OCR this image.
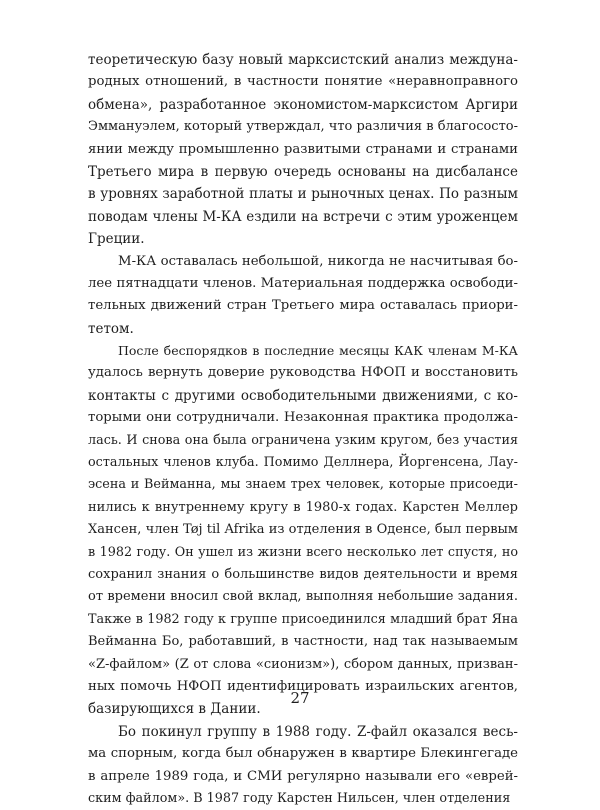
теоретическую базу новый марксистский анализ междуна-
родных отношений, в частности понятие «неравноправного
обмена», разработанное экономистом-марксистом Аргири
Эммануэлем, который утверждал, что различия в благососто-
янии между промышленно развитыми странами и странами
Третьего мира в первую очередь основаны на дисбалансе
в уровнях заработной платы и рыночных ценах. По разным
поводам члены М-КА ездили на встречи с этим уроженцем
Греции.
М-КА оставалась небольшой, никогда не насчитывая бо-
лее пятнадцати членов. Материальная поддержка освободи-
тельных движений стран Третьего мира оставалась приори-
тетом.
После беспорядков в последние месяцы КАК членам М-КА
удалось вернуть доверие руководства НФОП и восстановить
контакты с другими освободительными движениями, с ко-
торыми они сотрудничали. Незаконная практика продолжа-
лась. И снова она была ограничена узким кругом, без участия
остальных членов клуба. Помимо Деллнера, Йоргенсена, Лау-
эсена и Вейманна, мы знаем трех человек, которые присоеди-
нились к внутреннему кругу в 1980-х годах. Карстен Меллер
Хансен, член Tøj til Afrika из отделения в Оденсе, был первым
в 1982 году. Он ушел из жизни всего несколько лет спустя, но
сохранил знания о большинстве видов деятельности и время
от времени вносил свой вклад, выполняя небольшие задания.
Также в 1982 году к группе присоединился младший брат Яна
Вейманна Бо, работавший, в частности, над так называемым
«Z-файлом» (Z от слова «сионизм»), сбором данных, призван-
ных помочь НФОП идентифицировать израильских агентов,
базирующихся в Дании.
Бо покинул группу в 1988 году. Z-файл оказался весь-
ма спорным, когда был обнаружен в квартире Блекингегаде
в апреле 1989 года, и СМИ регулярно называли его «еврей-
ским файлом». В 1987 году Карстен Нильсен, член отделения
27
